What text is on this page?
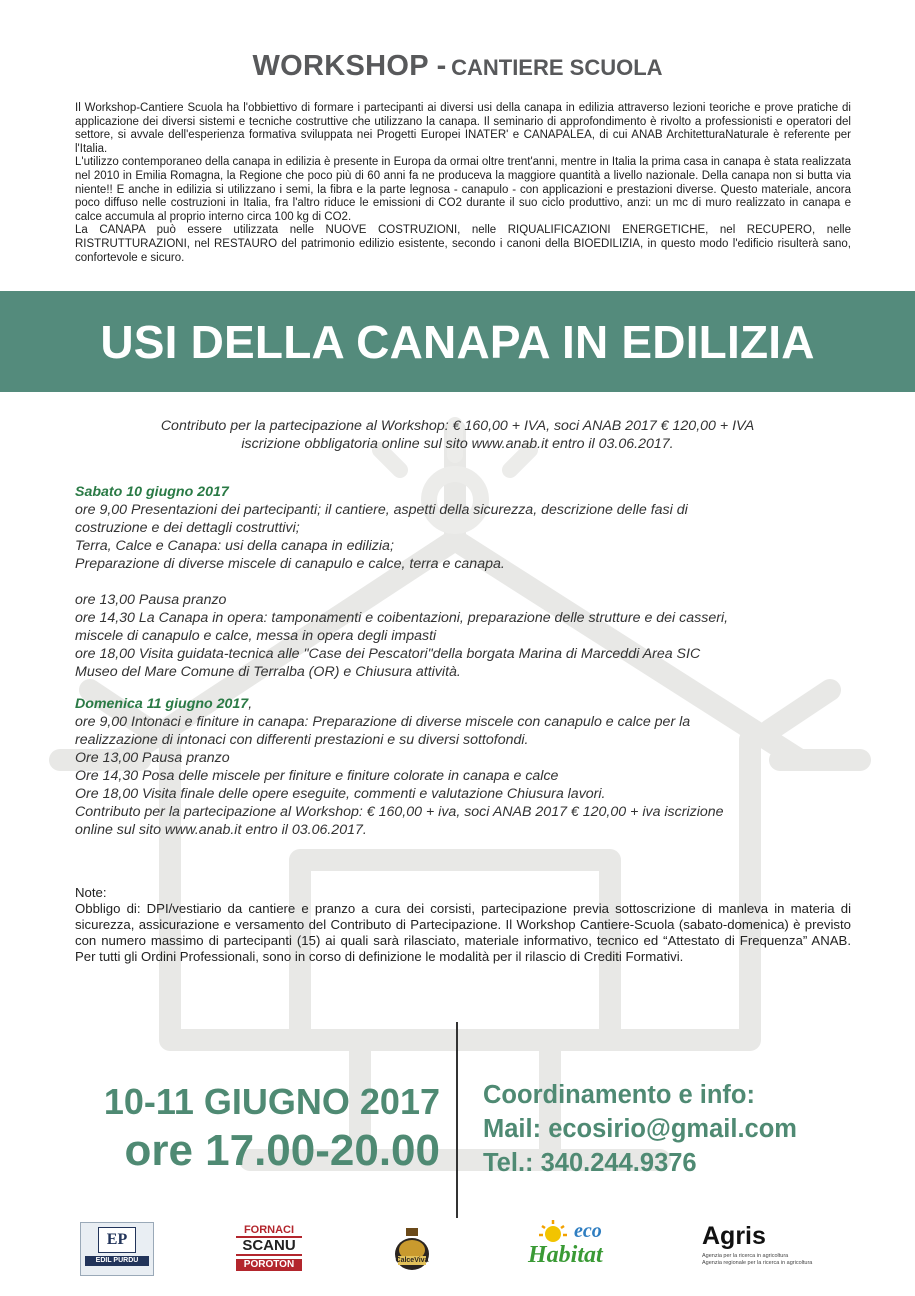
WORKSHOP - CANTIERE SCUOLA

Il Workshop-Cantiere Scuola ha l'obbiettivo di formare i partecipanti ai diversi usi della canapa in edilizia attraverso lezioni teoriche e prove pratiche di applicazione dei diversi sistemi e tecniche costruttive che utilizzano la canapa. Il seminario di approfondimento è rivolto a professionisti e operatori del settore, si avvale dell'esperienza formativa sviluppata nei Progetti Europei INATER' e CANAPALEA, di cui ANAB ArchitetturaNaturale è referente per l'Italia.

L'utilizzo contemporaneo della canapa in edilizia è presente in Europa da ormai oltre trent'anni, mentre in Italia la prima casa in canapa è stata realizzata nel 2010 in Emilia Romagna, la Regione che poco più di 60 anni fa ne produceva la maggiore quantità a livello nazionale. Della canapa non si butta via niente!! E anche in edilizia si utilizzano i semi, la fibra e la parte legnosa - canapulo - con applicazioni e prestazioni diverse. Questo materiale, ancora poco diffuso nelle costruzioni in Italia, fra l'altro riduce le emissioni di CO2 durante il suo ciclo produttivo, anzi: un mc di muro realizzato in canapa e calce accumula al proprio interno circa 100 kg di CO2.

La CANAPA può essere utilizzata nelle NUOVE COSTRUZIONI, nelle RIQUALIFICAZIONI ENERGETICHE, nel RECUPERO, nelle RISTRUTTURAZIONI, nel RESTAURO del patrimonio edilizio esistente, secondo i canoni della BIOEDILIZIA, in questo modo l'edificio risulterà sano, confortevole e sicuro.

USI DELLA CANAPA IN EDILIZIA
Contributo per la partecipazione al Workshop: € 160,00 + IVA, soci ANAB 2017 € 120,00 + IVA
iscrizione obbligatoria online sul sito www.anab.it entro il 03.06.2017.
Sabato 10 giugno 2017
ore 9,00 Presentazioni dei partecipanti; il cantiere, aspetti della sicurezza, descrizione delle fasi di
costruzione e dei dettagli costruttivi;
Terra, Calce e Canapa: usi della canapa in edilizia;
Preparazione di diverse miscele di canapulo e calce, terra e canapa.
ore 13,00 Pausa pranzo
ore 14,30 La Canapa in opera: tamponamenti e coibentazioni, preparazione delle strutture e dei casseri,
miscele di canapulo e calce, messa in opera degli impasti
ore 18,00 Visita guidata-tecnica alle "Case dei Pescatori"della borgata Marina di Marceddi Area SIC
Museo del Mare Comune di Terralba (OR) e Chiusura attività.
Domenica 11 giugno 2017,
ore 9,00 Intonaci e finiture in canapa: Preparazione di diverse miscele con canapulo e calce per la
realizzazione di intonaci con differenti prestazioni e su diversi sottofondi.
Ore 13,00 Pausa pranzo
Ore 14,30 Posa delle miscele per finiture e finiture colorate in canapa e calce
Ore 18,00 Visita finale delle opere eseguite, commenti e valutazione Chiusura lavori.
Contributo per la partecipazione al Workshop: € 160,00 + iva, soci ANAB 2017 € 120,00 + iva iscrizione
online sul sito www.anab.it entro il 03.06.2017.

Note:

Obbligo di: DPI/vestiario da cantiere e pranzo a cura dei corsisti, partecipazione previa sottoscrizione di manleva in materia di sicurezza, assicurazione e versamento del Contributo di Partecipazione. Il Workshop Cantiere-Scuola (sabato-domenica) è previsto con numero massimo di partecipanti (15) ai quali sarà rilasciato, materiale informativo, tecnico ed “Attestato di Frequenza” ANAB. Per tutti gli Ordini Professionali, sono in corso di definizione le modalità per il rilascio di Crediti Formativi.

10-11 GIUGNO 2017
ore 17.00-20.00
Coordinamento e info:
Mail: ecosirio@gmail.com
Tel.: 340.244.9376
EP
EDIL PURDU
FORNACI
SCANU
POROTON	CalceViva
eco
Habitat
Agris
Agenzia per la ricerca in agricoltura
Agenzia regionale per la ricerca in agricoltura
